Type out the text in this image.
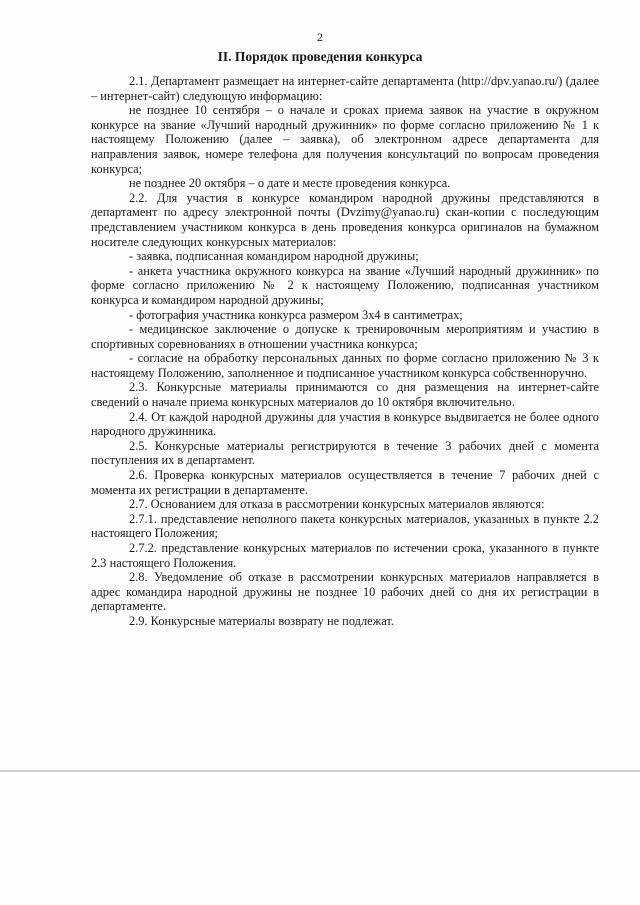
2
II. Порядок проведения конкурса

2.1. Департамент размещает на интернет-сайте департамента (http://dpv.yanao.ru/) (далее – интернет-сайт) следующую информацию:

не позднее 10 сентября – о начале и сроках приема заявок на участие в окружном конкурсе на звание «Лучший народный дружинник» по форме согласно приложению № 1 к настоящему Положению (далее – заявка), об электронном адресе департамента для направления заявок, номере телефона для получения консультаций по вопросам проведения конкурса;

не позднее 20 октября – о дате и месте проведения конкурса.

2.2. Для участия в конкурсе командиром народной дружины представляются в департамент по адресу электронной почты (Dvzimy@yanao.ru) скан-копии с последующим представлением участником конкурса в день проведения конкурса оригиналов на бумажном носителе следующих конкурсных материалов:

- заявка, подписанная командиром народной дружины;

- анкета участника окружного конкурса на звание «Лучший народный дружинник» по форме согласно приложению № 2 к настоящему Положению, подписанная участником конкурса и командиром народной дружины;

- фотография участника конкурса размером 3х4 в сантиметрах;

- медицинское заключение о допуске к тренировочным мероприятиям и участию в спортивных соревнованиях в отношении участника конкурса;

- согласие на обработку персональных данных по форме согласно приложению № 3 к настоящему Положению, заполненное и подписанное участником конкурса собственноручно.

2.3. Конкурсные материалы принимаются со дня размещения на интернет-сайте сведений о начале приема конкурсных материалов до 10 октября включительно.

2.4. От каждой народной дружины для участия в конкурсе выдвигается не более одного народного дружинника.

2.5. Конкурсные материалы регистрируются в течение 3 рабочих дней с момента поступления их в департамент.

2.6. Проверка конкурсных материалов осуществляется в течение 7 рабочих дней с момента их регистрации в департаменте.

2.7. Основанием для отказа в рассмотрении конкурсных материалов являются:

2.7.1. представление неполного пакета конкурсных материалов, указанных в пункте 2.2 настоящего Положения;

2.7.2. представление конкурсных материалов по истечении срока, указанного в пункте 2.3 настоящего Положения.

2.8. Уведомление об отказе в рассмотрении конкурсных материалов направляется в адрес командира народной дружины не позднее 10 рабочих дней со дня их регистрации в департаменте.

2.9. Конкурсные материалы возврату не подлежат.
